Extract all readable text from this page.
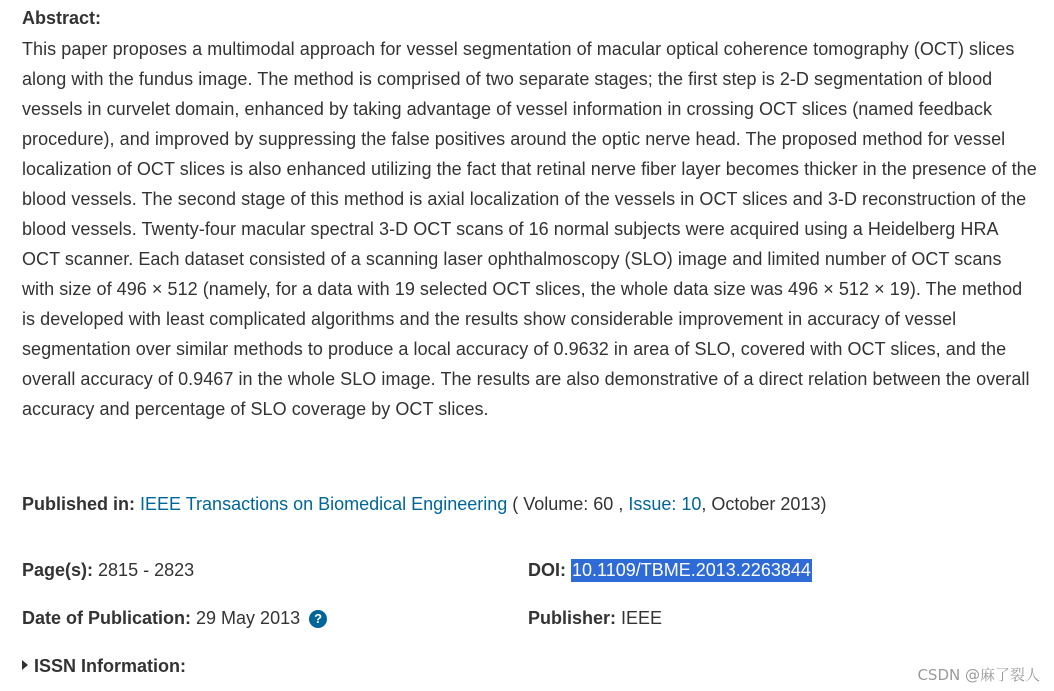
Abstract:
This paper proposes a multimodal approach for vessel segmentation of macular optical coherence tomography (OCT) slices along with the fundus image. The method is comprised of two separate stages; the first step is 2-D segmentation of blood vessels in curvelet domain, enhanced by taking advantage of vessel information in crossing OCT slices (named feedback procedure), and improved by suppressing the false positives around the optic nerve head. The proposed method for vessel localization of OCT slices is also enhanced utilizing the fact that retinal nerve fiber layer becomes thicker in the presence of the blood vessels. The second stage of this method is axial localization of the vessels in OCT slices and 3-D reconstruction of the blood vessels. Twenty-four macular spectral 3-D OCT scans of 16 normal subjects were acquired using a Heidelberg HRA OCT scanner. Each dataset consisted of a scanning laser ophthalmoscopy (SLO) image and limited number of OCT scans with size of 496 × 512 (namely, for a data with 19 selected OCT slices, the whole data size was 496 × 512 × 19). The method is developed with least complicated algorithms and the results show considerable improvement in accuracy of vessel segmentation over similar methods to produce a local accuracy of 0.9632 in area of SLO, covered with OCT slices, and the overall accuracy of 0.9467 in the whole SLO image. The results are also demonstrative of a direct relation between the overall accuracy and percentage of SLO coverage by OCT slices.
Published in: IEEE Transactions on Biomedical Engineering ( Volume: 60 , Issue: 10, October 2013)
Page(s): 2815 - 2823	DOI: 10.1109/TBME.2013.2263844
Date of Publication: 29 May 2013 ?	Publisher: IEEE
ISSN Information:	CSDN @麻了裂人
